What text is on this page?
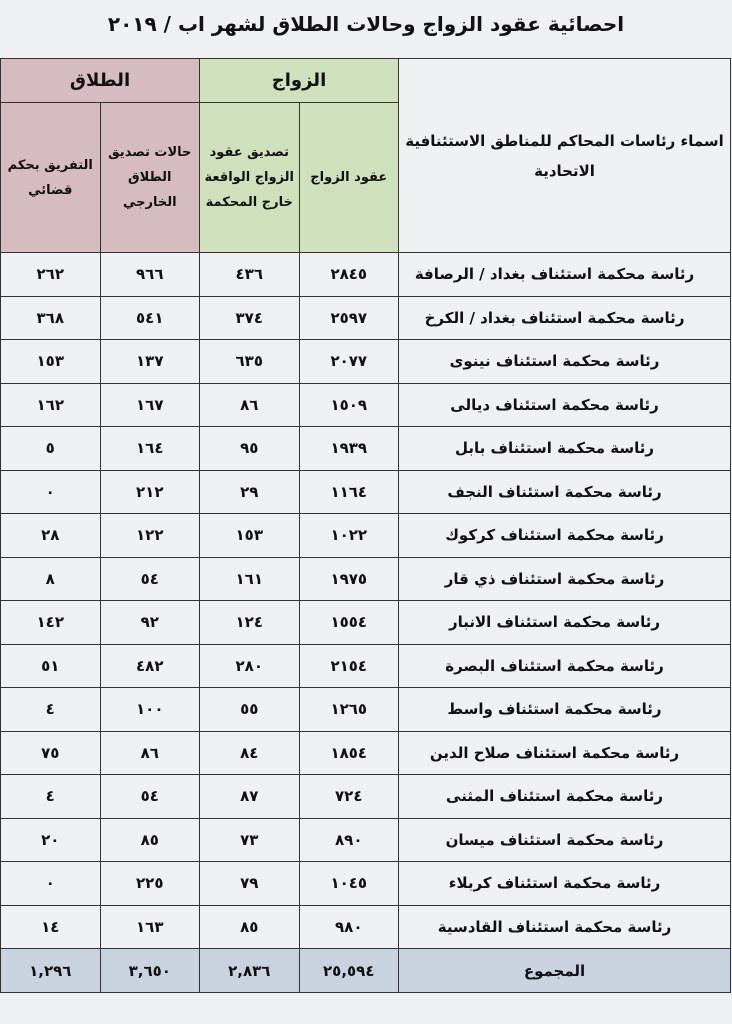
احصائية عقود الزواج وحالات الطلاق لشهر اب / ٢٠١٩
اسماء رئاسات المحاكم للمناطق الاستئنافية الاتحادية	الزواج		الطلاق	
	عقود الزواج	تصديق عقود الزواج الواقعة خارج المحكمة	حالات تصديق الطلاق الخارجي	التفريق بحكم قضائي
رئاسة محكمة استئناف بغداد / الرصافة	٢٨٤٥	٤٣٦	٩٦٦	٢٦٢
رئاسة محكمة استئناف بغداد / الكرخ	٢٥٩٧	٣٧٤	٥٤١	٣٦٨
رئاسة محكمة استئناف نينوى	٢٠٧٧	٦٣٥	١٣٧	١٥٣
رئاسة محكمة استئناف ديالى	١٥٠٩	٨٦	١٦٧	١٦٢
رئاسة محكمة استئناف بابل	١٩٣٩	٩٥	١٦٤	٥
رئاسة محكمة استئناف النجف	١١٦٤	٢٩	٢١٢	٠
رئاسة محكمة استئناف كركوك	١٠٢٢	١٥٣	١٢٢	٢٨
رئاسة محكمة استئناف ذي قار	١٩٧٥	١٦١	٥٤	٨
رئاسة محكمة استئناف الانبار	١٥٥٤	١٢٤	٩٢	١٤٢
رئاسة محكمة استئناف البصرة	٢١٥٤	٢٨٠	٤٨٢	٥١
رئاسة محكمة استئناف واسط	١٢٦٥	٥٥	١٠٠	٤
رئاسة محكمة استئناف صلاح الدين	١٨٥٤	٨٤	٨٦	٧٥
رئاسة محكمة استئناف المثنى	٧٢٤	٨٧	٥٤	٤
رئاسة محكمة استئناف ميسان	٨٩٠	٧٣	٨٥	٢٠
رئاسة محكمة استئناف كربلاء	١٠٤٥	٧٩	٢٢٥	٠
رئاسة محكمة استئناف القادسية	٩٨٠	٨٥	١٦٣	١٤
المجموع	٢٥,٥٩٤	٢,٨٣٦	٣,٦٥٠	١,٢٩٦
